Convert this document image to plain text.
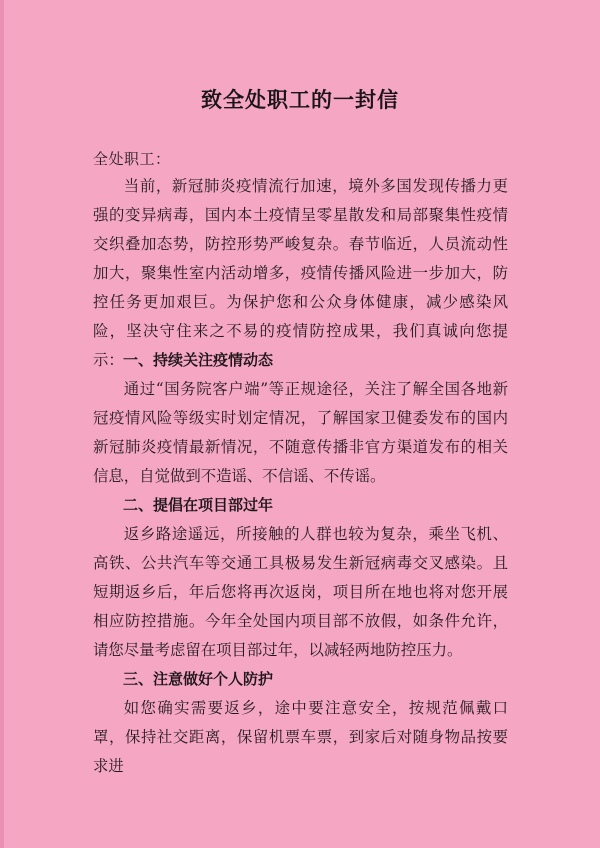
致全处职工的一封信
全处职工：

当前，新冠肺炎疫情流行加速，境外多国发现传播力更强的变异病毒，国内本土疫情呈零星散发和局部聚集性疫情交织叠加态势，防控形势严峻复杂。春节临近，人员流动性加大，聚集性室内活动增多，疫情传播风险进一步加大，防控任务更加艰巨。为保护您和公众身体健康，减少感染风险，坚决守住来之不易的疫情防控成果，我们真诚向您提示： 一、持续关注疫情动态

通过“国务院客户端”等正规途径，关注了解全国各地新冠疫情风险等级实时划定情况，了解国家卫健委发布的国内新冠肺炎疫情最新情况，不随意传播非官方渠道发布的相关信息，自觉做到不造谣、不信谣、不传谣。

二、提倡在项目部过年

返乡路途遥远，所接触的人群也较为复杂，乘坐飞机、高铁、公共汽车等交通工具极易发生新冠病毒交叉感染。且短期返乡后，年后您将再次返岗，项目所在地也将对您开展相应防控措施。今年全处国内项目部不放假，如条件允许，请您尽量考虑留在项目部过年，以减轻两地防控压力。

三、注意做好个人防护

如您确实需要返乡，途中要注意安全，按规范佩戴口罩，保持社交距离，保留机票车票，到家后对随身物品按要求进
